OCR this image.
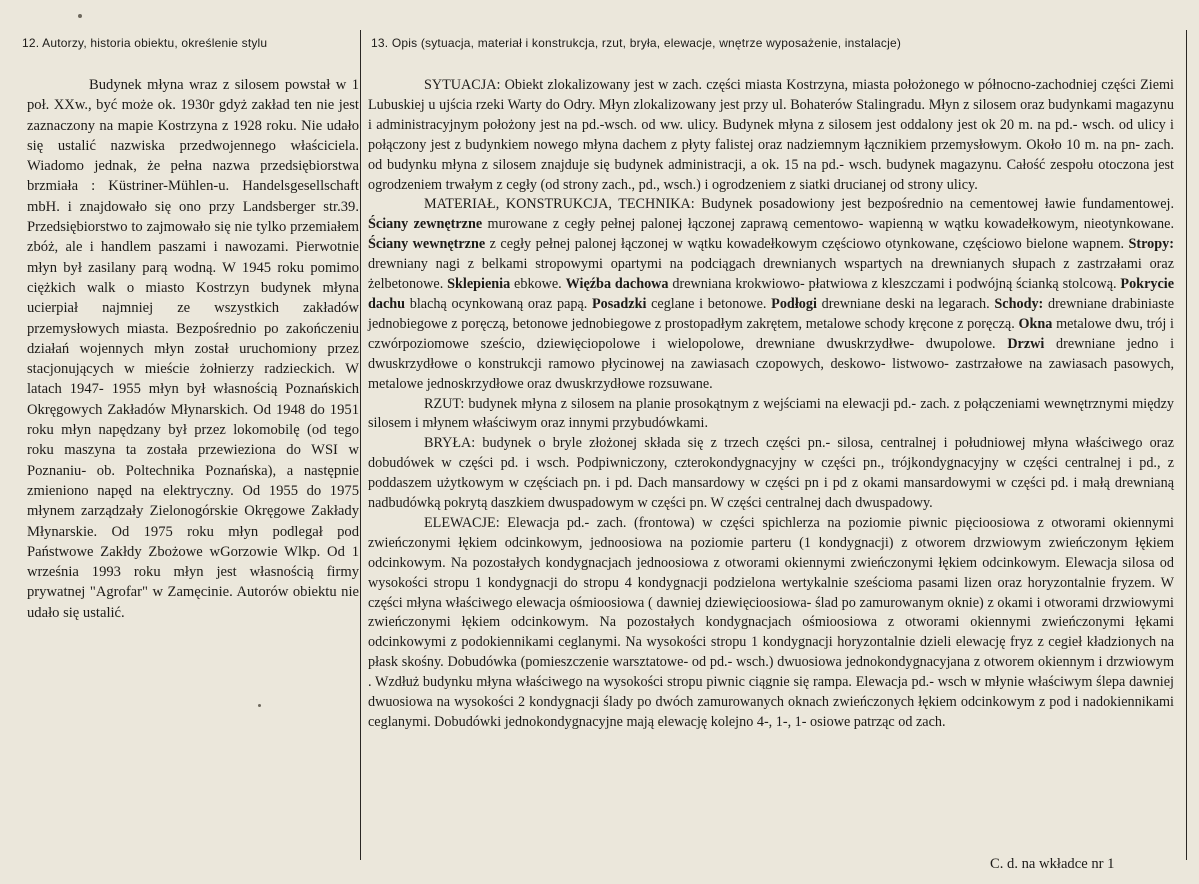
12. Autorzy, historia obiektu, określenie stylu	13. Opis (sytuacja, materiał i konstrukcja, rzut, bryła, elewacje, wnętrze wyposażenie, instalacje)

Budynek młyna wraz z silosem powstał w 1 poł. XXw., być może ok. 1930r gdyż zakład ten nie jest zaznaczony na mapie Kostrzyna z 1928 roku. Nie udało się ustalić nazwiska przedwojennego właściciela. Wiadomo jednak, że pełna nazwa przedsiębiorstwa brzmiała : Küstriner-Mühlen-u. Handelsgesellschaft mbH. i znajdowało się ono przy Landsberger str.39. Przedsiębiorstwo to zajmowało się nie tylko przemiałem zbóż, ale i handlem paszami i nawozami. Pierwotnie młyn był zasilany parą wodną. W 1945 roku pomimo ciężkich walk o miasto Kostrzyn budynek młyna ucierpiał najmniej ze wszystkich zakładów przemysłowych miasta. Bezpośrednio po zakończeniu działań wojennych młyn został uruchomiony przez stacjonujących w mieście żołnierzy radzieckich. W latach 1947- 1955 młyn był własnością Poznańskich Okręgowych Zakładów Młynarskich. Od 1948 do 1951 roku młyn napędzany był przez lokomobilę (od tego roku maszyna ta została przewieziona do WSI w Poznaniu- ob. Poltechnika Poznańska), a następnie zmieniono napęd na elektryczny. Od 1955 do 1975 młynem zarządzały Zielonogórskie Okręgowe Zakłady Młynarskie. Od 1975 roku młyn podlegał pod Państwowe Zakłdy Zbożowe wGorzowie Wlkp. Od 1 września 1993 roku młyn jest własnością firmy prywatnej "Agrofar" w Zamęcinie. Autorów obiektu nie udało się ustalić.

SYTUACJA: Obiekt zlokalizowany jest w zach. części miasta Kostrzyna, miasta położonego w północno-zachodniej części Ziemi Lubuskiej u ujścia rzeki Warty do Odry. Młyn zlokalizowany jest przy ul. Bohaterów Stalingradu. Młyn z silosem oraz budynkami magazynu i administracyjnym położony jest na pd.-wsch. od ww. ulicy. Budynek młyna z silosem jest oddalony jest ok 20 m. na pd.- wsch. od ulicy i połączony jest z budynkiem nowego młyna dachem z płyty falistej oraz nadziemnym łącznikiem przemysłowym. Około 10 m. na pn- zach. od budynku młyna z silosem znajduje się budynek administracji, a ok. 15 na pd.- wsch. budynek magazynu. Całość zespołu otoczona jest ogrodzeniem trwałym z cegły (od strony zach., pd., wsch.) i ogrodzeniem z siatki drucianej od strony ulicy.

MATERIAŁ, KONSTRUKCJA, TECHNIKA: Budynek posadowiony jest bezpośrednio na cementowej ławie fundamentowej. Ściany zewnętrzne murowane z cegły pełnej palonej łączonej zaprawą cementowo- wapienną w wątku kowadełkowym, nieotynkowane. Ściany wewnętrzne z cegły pełnej palonej łączonej w wątku kowadełkowym częściowo otynkowane, częściowo bielone wapnem. Stropy: drewniany nagi z belkami stropowymi opartymi na podciągach drewnianych wspartych na drewnianych słupach z zastrzałami oraz żelbetonowe. Sklepienia ebkowe. Więźba dachowa drewniana krokwiowo- płatwiowa z kleszczami i podwójną ścianką stolcową. Pokrycie dachu blachą ocynkowaną oraz papą. Posadzki ceglane i betonowe. Podłogi drewniane deski na legarach. Schody: drewniane drabiniaste jednobiegowe z poręczą, betonowe jednobiegowe z prostopadłym zakrętem, metalowe schody kręcone z poręczą. Okna metalowe dwu, trój i czwórpoziomowe sześcio, dziewięciopolowe i wielopolowe, drewniane dwuskrzydłwe- dwupolowe. Drzwi drewniane jedno i dwuskrzydłowe o konstrukcji ramowo płycinowej na zawiasach czopowych, deskowo- listwowo- zastrzałowe na zawiasach pasowych, metalowe jednoskrzydłowe oraz dwuskrzydłowe rozsuwane.

RZUT: budynek młyna z silosem na planie prosokątnym z wejściami na elewacji pd.- zach. z połączeniami wewnętrznymi między silosem i młynem właściwym oraz innymi przybudówkami.

BRYŁA: budynek o bryle złożonej składa się z trzech części pn.- silosa, centralnej i południowej młyna właściwego oraz dobudówek w części pd. i wsch. Podpiwniczony, czterokondygnacyjny w części pn., trójkondygnacyjny w części centralnej i pd., z poddaszem użytkowym w częściach pn. i pd. Dach mansardowy w części pn i pd z okami mansardowymi w części pd. i małą drewnianą nadbudówką pokrytą daszkiem dwuspadowym w części pn. W części centralnej dach dwuspadowy.

ELEWACJE: Elewacja pd.- zach. (frontowa) w części spichlerza na poziomie piwnic pięcioosiowa z otworami okiennymi zwieńczonymi łękiem odcinkowym, jednoosiowa na poziomie parteru (1 kondygnacji) z otworem drzwiowym zwieńczonym łękiem odcinkowym. Na pozostałych kondygnacjach jednoosiowa z otworami okiennymi zwieńczonymi łękiem odcinkowym. Elewacja silosa od wysokości stropu 1 kondygnacji do stropu 4 kondygnacji podzielona wertykalnie sześcioma pasami lizen oraz horyzontalnie fryzem. W części młyna właściwego elewacja ośmioosiowa ( dawniej dziewięcioosiowa- ślad po zamurowanym oknie) z okami i otworami drzwiowymi zwieńczonymi łękiem odcinkowym. Na pozostałych kondygnacjach ośmioosiowa z otworami okiennymi zwieńczonymi łękami odcinkowymi z podokiennikami ceglanymi. Na wysokości stropu 1 kondygnacji horyzontalnie dzieli elewację fryz z cegieł kładzionych na płask skośny. Dobudówka (pomieszczenie warsztatowe- od pd.- wsch.) dwuosiowa jednokondygnacyjana z otworem okiennym i drzwiowym . Wzdłuż budynku młyna właściwego na wysokości stropu piwnic ciągnie się rampa. Elewacja pd.- wsch w młynie właściwym ślepa dawniej dwuosiowa na wysokości 2 kondygnacji ślady po dwóch zamurowanych oknach zwieńczonych łękiem odcinkowym z pod i nadokiennikami ceglanymi. Dobudówki jednokondygnacyjne mają elewację kolejno 4-, 1-, 1- osiowe patrząc od zach.

C. d. na wkładce nr 1
